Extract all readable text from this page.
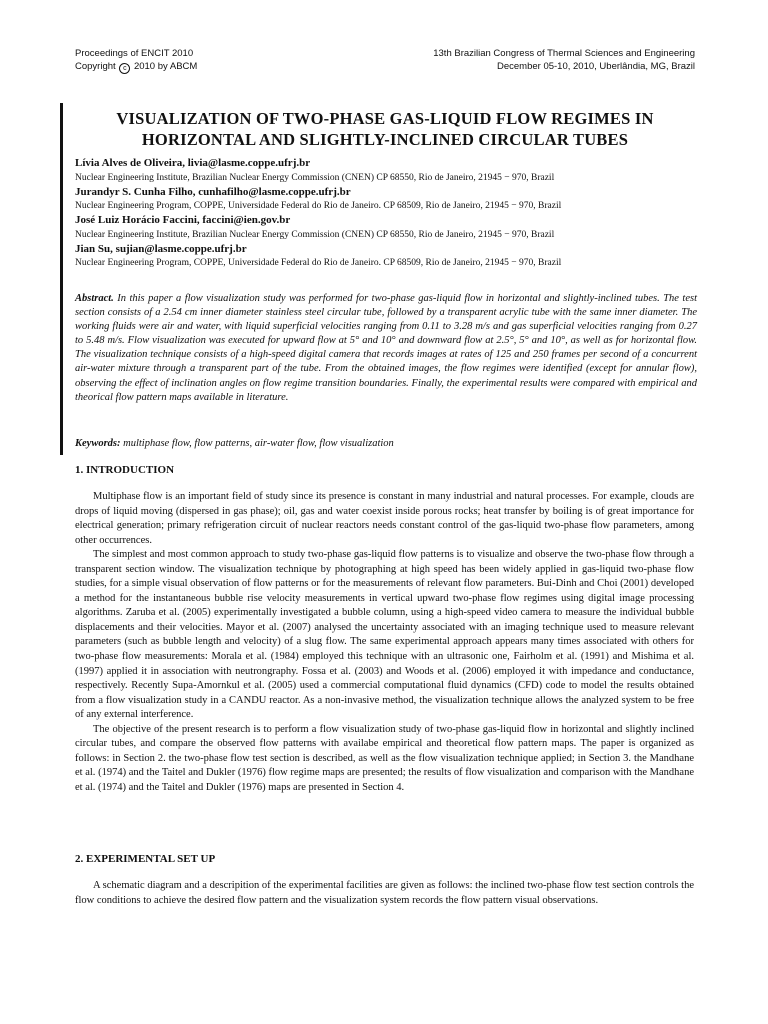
Proceedings of ENCIT 2010
Copyright c 2010 by ABCM
13th Brazilian Congress of Thermal Sciences and Engineering
December 05-10, 2010, Uberlândia, MG, Brazil
VISUALIZATION OF TWO-PHASE GAS-LIQUID FLOW REGIMES IN
HORIZONTAL AND SLIGHTLY-INCLINED CIRCULAR TUBES
Lívia Alves de Oliveira, livia@lasme.coppe.ufrj.br
Nuclear Engineering Institute, Brazilian Nuclear Energy Commission (CNEN) CP 68550, Rio de Janeiro, 21945 − 970, Brazil
Jurandyr S. Cunha Filho, cunhafilho@lasme.coppe.ufrj.br
Nuclear Engineering Program, COPPE, Universidade Federal do Rio de Janeiro. CP 68509, Rio de Janeiro, 21945 − 970, Brazil
José Luiz Horácio Faccini, faccini@ien.gov.br
Nuclear Engineering Institute, Brazilian Nuclear Energy Commission (CNEN) CP 68550, Rio de Janeiro, 21945 − 970, Brazil
Jian Su, sujian@lasme.coppe.ufrj.br
Nuclear Engineering Program, COPPE, Universidade Federal do Rio de Janeiro. CP 68509, Rio de Janeiro, 21945 − 970, Brazil
Abstract. In this paper a flow visualization study was performed for two-phase gas-liquid flow in horizontal and slightly-inclined tubes. The test section consists of a 2.54 cm inner diameter stainless steel circular tube, followed by a transparent acrylic tube with the same inner diameter. The working fluids were air and water, with liquid superficial velocities ranging from 0.11 to 3.28 m/s and gas superficial velocities ranging from 0.27 to 5.48 m/s. Flow visualization was executed for upward flow at 5° and 10° and downward flow at 2.5°, 5° and 10°, as well as for horizontal flow. The visualization technique consists of a high-speed digital camera that records images at rates of 125 and 250 frames per second of a concurrent air-water mixture through a transparent part of the tube. From the obtained images, the flow regimes were identified (except for annular flow), observing the effect of inclination angles on flow regime transition boundaries. Finally, the experimental results were compared with empirical and theorical flow pattern maps available in literature.
Keywords: multiphase flow, flow patterns, air-water flow, flow visualization
1. INTRODUCTION

Multiphase flow is an important field of study since its presence is constant in many industrial and natural processes. For example, clouds are drops of liquid moving (dispersed in gas phase); oil, gas and water coexist inside porous rocks; heat transfer by boiling is of great importance for electrical generation; primary refrigeration circuit of nuclear reactors needs constant control of the gas-liquid two-phase flow parameters, among other occurrences.

The simplest and most common approach to study two-phase gas-liquid flow patterns is to visualize and observe the two-phase flow through a transparent section window. The visualization technique by photographing at high speed has been widely applied in gas-liquid two-phase flow studies, for a simple visual observation of flow patterns or for the measurements of relevant flow parameters. Bui-Dinh and Choi (2001) developed a method for the instantaneous bubble rise velocity measurements in vertical upward two-phase flow regimes using digital image processing algorithms. Zaruba et al. (2005) experimentally investigated a bubble column, using a high-speed video camera to measure the individual bubble displacements and their velocities. Mayor et al. (2007) analysed the uncertainty associated with an imaging technique used to measure relevant parameters (such as bubble length and velocity) of a slug flow. The same experimental approach appears many times associated with others for two-phase flow measurements: Morala et al. (1984) employed this technique with an ultrasonic one, Fairholm et al. (1991) and Mishima et al. (1997) applied it in association with neutrongraphy. Fossa et al. (2003) and Woods et al. (2006) employed it with impedance and conductance, respectively. Recently Supa-Amornkul et al. (2005) used a commercial computational fluid dynamics (CFD) code to model the results obtained from a flow visualization study in a CANDU reactor. As a non-invasive method, the visualization technique allows the analyzed system to be free of any external interference.

The objective of the present research is to perform a flow visualization study of two-phase gas-liquid flow in horizontal and slightly inclined circular tubes, and compare the observed flow patterns with availabe empirical and theoretical flow pattern maps. The paper is organized as follows: in Section 2. the two-phase flow test section is described, as well as the flow visualization technique applied; in Section 3. the Mandhane et al. (1974) and the Taitel and Dukler (1976) flow regime maps are presented; the results of flow visualization and comparison with the Mandhane et al. (1974) and the Taitel and Dukler (1976) maps are presented in Section 4.

2. EXPERIMENTAL SET UP

A schematic diagram and a descripition of the experimental facilities are given as follows: the inclined two-phase flow test section controls the flow conditions to achieve the desired flow pattern and the visualization system records the flow pattern visual observations.
